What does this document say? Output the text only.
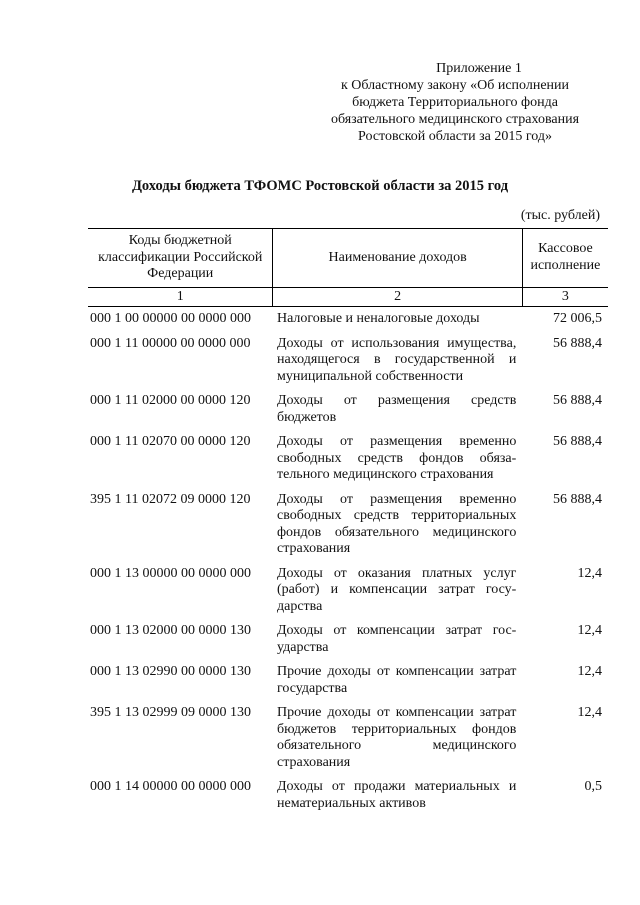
Приложение 1
к Областному закону «Об исполнении
бюджета Территориального фонда
обязательного медицинского страхования
Ростовской области за 2015 год»
Доходы бюджета ТФОМС Ростовской области за 2015 год
(тыс. рублей)
Коды бюджетной классификации Российской Федерации	Наименование доходов	Кассовое исполнение
1	2	3

000 1 00 00000 00 0000 000	Налоговые и неналоговые доходы	72 006,5
000 1 11 00000 00 0000 000	Доходы от использования имущества, находящегося в государственной и муниципальной собственности	56 888,4
000 1 11 02000 00 0000 120	Доходы от размещения средств бюджетов	56 888,4
000 1 11 02070 00 0000 120	Доходы от размещения временно свободных средств фондов обязательного медицинского страхования	56 888,4
395 1 11 02072 09 0000 120	Доходы от размещения временно свободных средств территориальных фондов обязательного медицинского страхования	56 888,4
000 1 13 00000 00 0000 000	Доходы от оказания платных услуг (работ) и компенсации затрат государства	12,4
000 1 13 02000 00 0000 130	Доходы от компенсации затрат государства	12,4
000 1 13 02990 00 0000 130	Прочие доходы от компенсации затрат государства	12,4
395 1 13 02999 09 0000 130	Прочие доходы от компенсации затрат бюджетов территориальных фондов обязательного медицинского страхования	12,4
000 1 14 00000 00 0000 000	Доходы от продажи материальных и нематериальных активов	0,5
